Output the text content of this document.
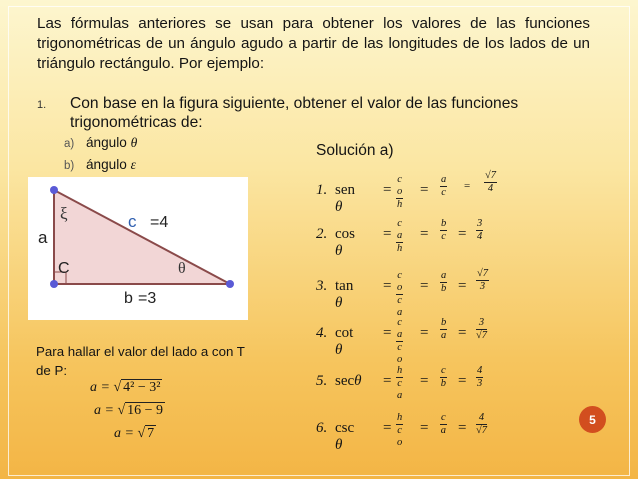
Las fórmulas anteriores se usan para obtener los valores de las funciones trigonométricas de un ángulo agudo a partir de las longitudes de los lados de un triángulo rectángulo. Por ejemplo:
1. Con base en la figura siguiente, obtener el valor de las funciones trigonométricas de:
a) ángulo θ
b) ángulo ε
ξ
a
C
c =4
θ
b =3
Solución a)
1. sen θ
= $\frac{\text{c o}}{h} = \frac{a}{c} = \frac{√7}{4}$
2. cos θ
= $\frac{\text{c a}}{h} = \frac{b}{c} = \frac{3}{4}$
3. tan θ
= $\frac{\text{c o}}{\text{c a}} = \frac{a}{b} = \frac{√7}{3}$
4. cot θ
= $\frac{\text{c a}}{\text{c o}} = \frac{b}{a} = \frac{3}{√7}$
5. $\sec\theta = \frac{h}{\text{c a}} = \frac{c}{b} = \frac{4}{3}$
6. csc θ
= $\frac{h}{\text{c o}} = \frac{c}{a} = \frac{4}{√7}$
Para hallar el valor del lado a con T de P:
a = √ 4² − 3²
a = √ 16 − 9
a = √ 7
5
